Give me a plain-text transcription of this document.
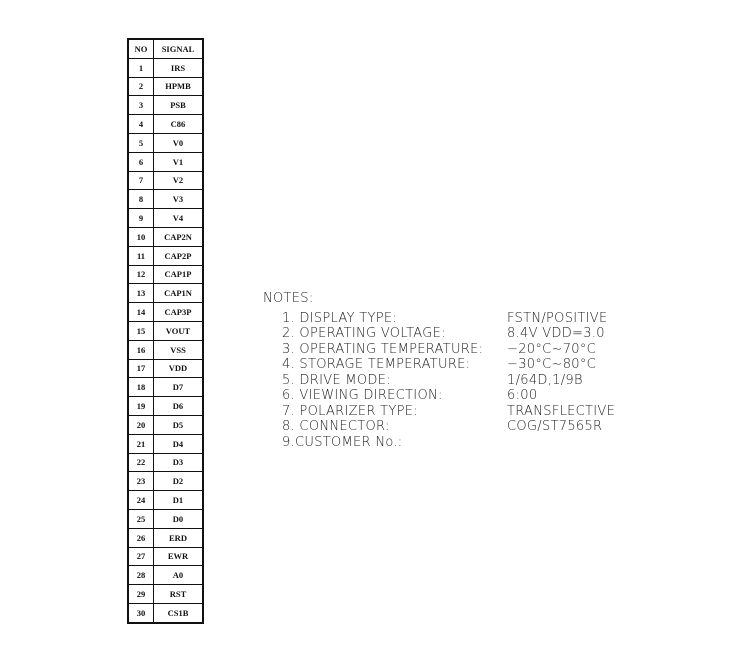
NO	SIGNAL
1	IRS
2	HPMB
3	PSB
4	C86
5	V0
6	V1
7	V2
8	V3
9	V4
10	CAP2N
11	CAP2P
12	CAP1P
13	CAP1N
14	CAP3P
15	VOUT
16	VSS
17	VDD
18	D7
19	D6
20	D5
21	D4
22	D3
23	D2
24	D1
25	D0
26	ERD
27	EWR
28	A0
29	RST
30	CS1B
NOTES:
1. DISPLAY TYPE:	FSTN/POSITIVE
2. OPERATING VOLTAGE:	8.4V VDD=3.0
3. OPERATING TEMPERATURE: −20°C~70°C
4. STORAGE TEMPERATURE:	−30°C~80°C
5. DRIVE MODE:	1/64D,1/9B
6. VIEWING DIRECTION:	6:00
7. POLARIZER TYPE:	TRANSFLECTIVE
8. CONNECTOR:	COG/ST7565R
9.CUSTOMER No.:
